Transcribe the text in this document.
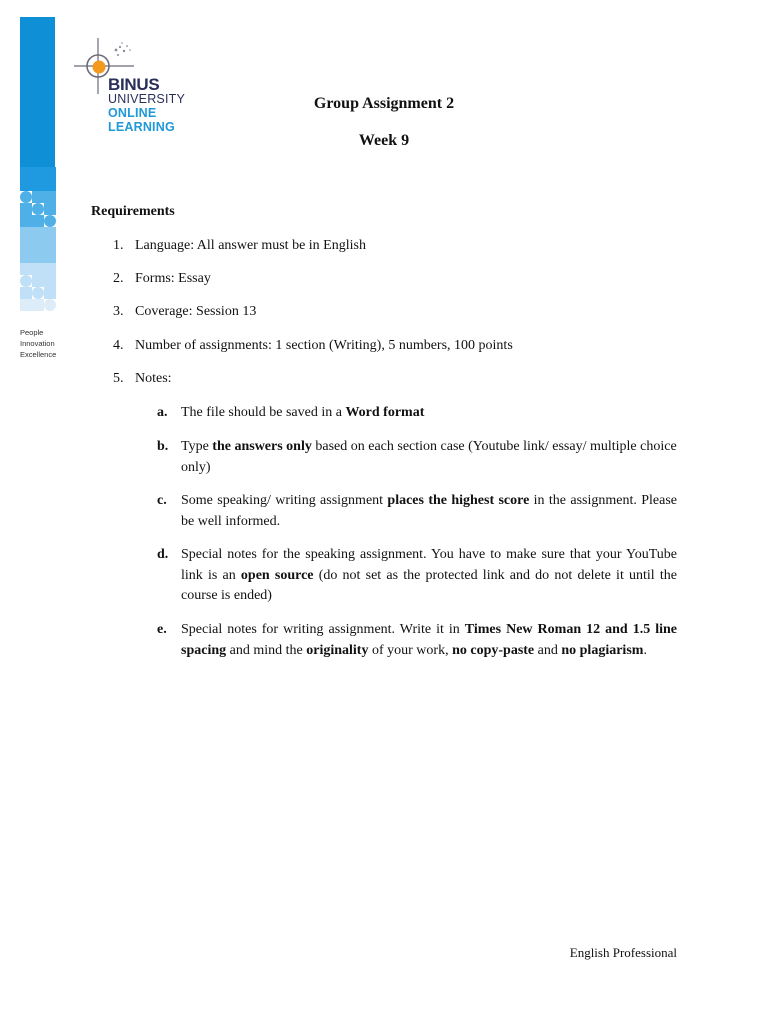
People
Innovation
Excellence
BINUS
UNIVERSITY
ONLINE
LEARNING
Group Assignment 2
Week 9
Requirements
1. Language: All answer must be in English
2. Forms: Essay
3. Coverage: Session 13
4. Number of assignments: 1 section (Writing), 5 numbers, 100 points
5. Notes:
a. The file should be saved in a Word format
b. Type the answers only based on each section case (Youtube link/ essay/ multiple choice only)
c. Some speaking/ writing assignment places the highest score in the assignment. Please be well informed.
d. Special notes for the speaking assignment. You have to make sure that your YouTube link is an open source (do not set as the protected link and do not delete it until the course is ended)
e. Special notes for writing assignment. Write it in Times New Roman 12 and 1.5 line spacing and mind the originality of your work, no copy-paste and no plagiarism.
English Professional
